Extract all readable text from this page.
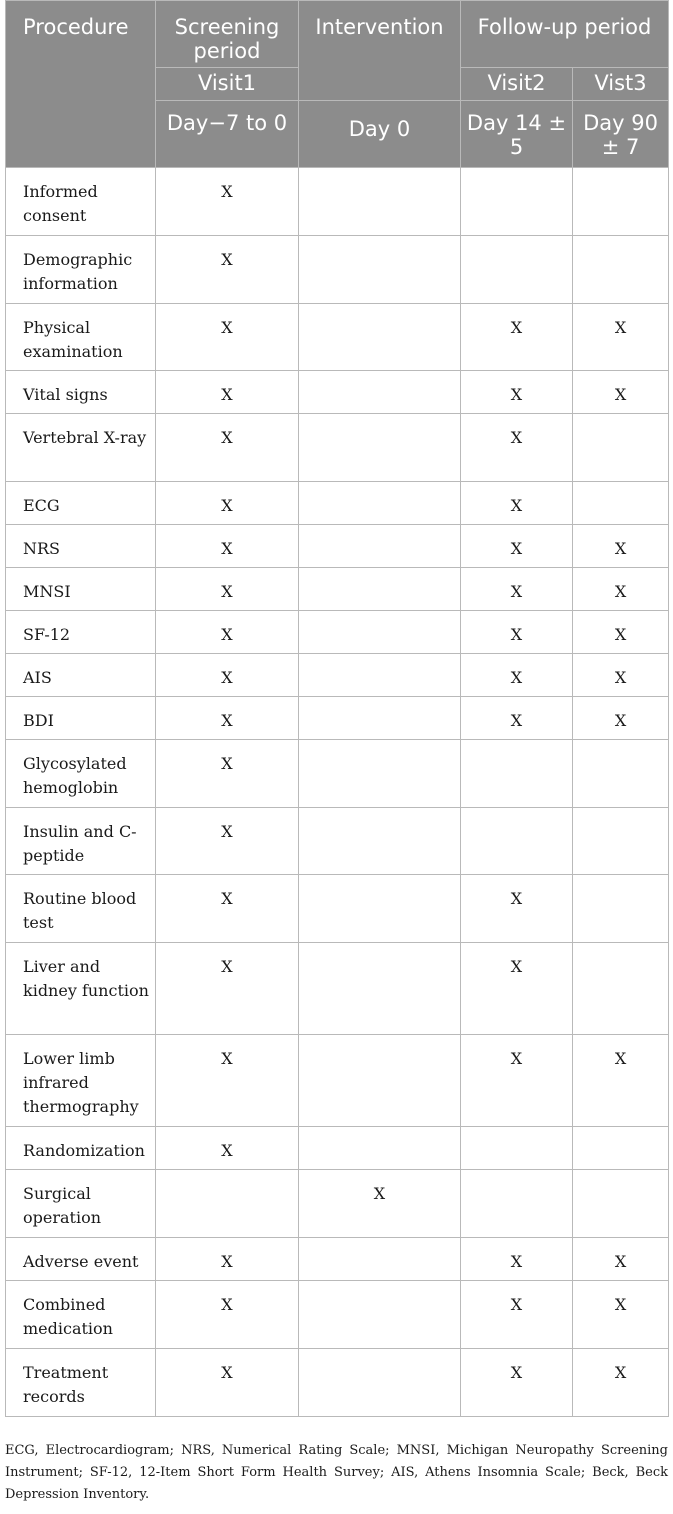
Procedure	Screening period	Intervention	Follow-up period	
	Visit1		Visit2	Vist3
	Day−7 to 0	Day 0	Day 14 ± 5	Day 90 ± 7
Informed consent	X			
Demographic information	X			
Physical examination	X		X	X
Vital signs	X		X	X
Vertebral X-ray	X		X	
ECG	X		X	
NRS	X		X	X
MNSI	X		X	X
SF-12	X		X	X
AIS	X		X	X
BDI	X		X	X
Glycosylated hemoglobin	X			
Insulin and C-peptide	X			
Routine blood test	X		X	
Liver and kidney function	X		X	
Lower limb infrared thermography	X		X	X
Randomization	X			
Surgical operation		X		
Adverse event	X		X	X
Combined medication	X		X	X
Treatment records	X		X	X

ECG, Electrocardiogram; NRS, Numerical Rating Scale; MNSI, Michigan Neuropathy Screening Instrument; SF-12, 12-Item Short Form Health Survey; AIS, Athens Insomnia Scale; Beck, Beck Depression Inventory.
